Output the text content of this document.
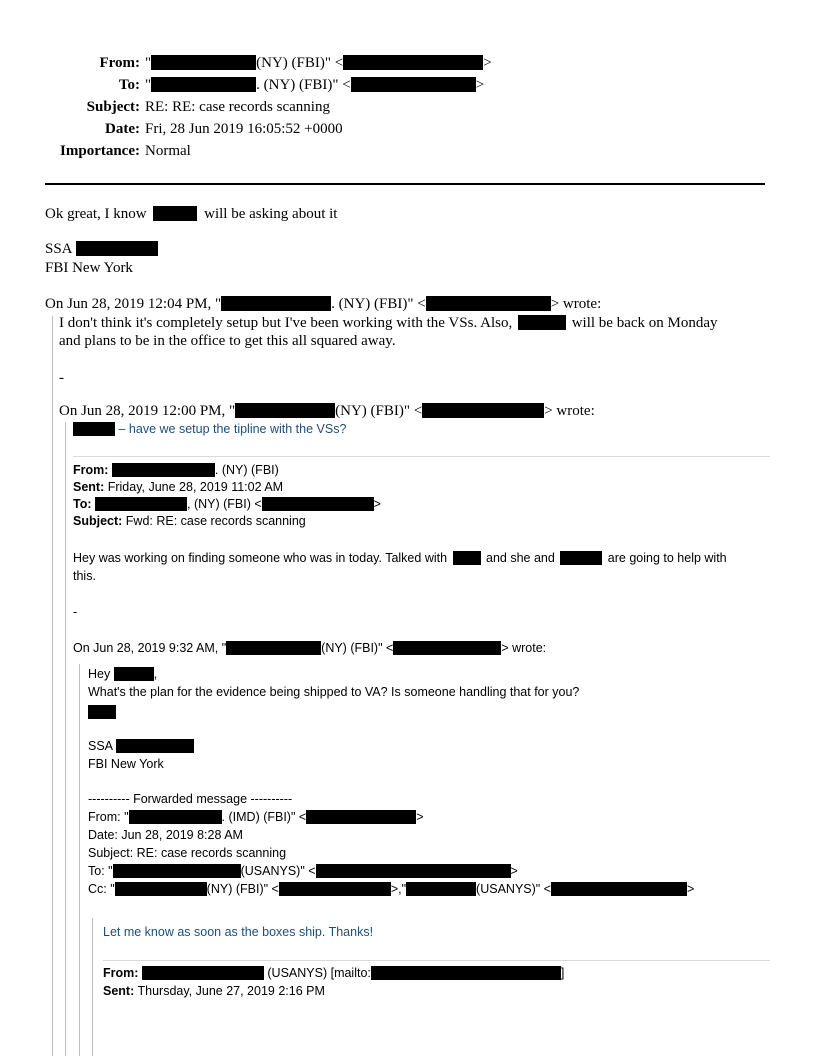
From: "	(NY) (FBI)" <	>
To: "	. (NY) (FBI)" <	>
Subject: RE: RE: case records scanning
Date: Fri, 28 Jun 2019 16:05:52 +0000
Importance: Normal
Ok great, I know	will be asking about it
SSA
FBI New York
On Jun 28, 2019 12:04 PM, "	. (NY) (FBI)" <	> wrote:
I don't think it's completely setup but I've been working with the VSs. Also,	will be back on Monday
and plans to be in the office to get this all squared away.
-
On Jun 28, 2019 12:00 PM, "	(NY) (FBI)" <	> wrote:
– have we setup the tipline with the VSs?
From:	. (NY) (FBI)
Sent: Friday, June 28, 2019 11:02 AM
To:	, (NY) (FBI) <	>
Subject: Fwd: RE: case records scanning
Hey was working on finding someone who was in today. Talked with	and she and	are going to help with
this.
-
On Jun 28, 2019 9:32 AM, "	(NY) (FBI)" <	> wrote:
Hey	,
What's the plan for the evidence being shipped to VA? Is someone handling that for you?
SSA
FBI New York
---------- Forwarded message ----------
From: "	. (IMD) (FBI)" <	>
Date: Jun 28, 2019 8:28 AM
Subject: RE: case records scanning
To: "	(USANYS)" <	>
Cc: "	(NY) (FBI)" <	>,"	(USANYS)" <	>
Let me know as soon as the boxes ship. Thanks!
From:	(USANYS) [mailto:	]
Sent: Thursday, June 27, 2019 2:16 PM
